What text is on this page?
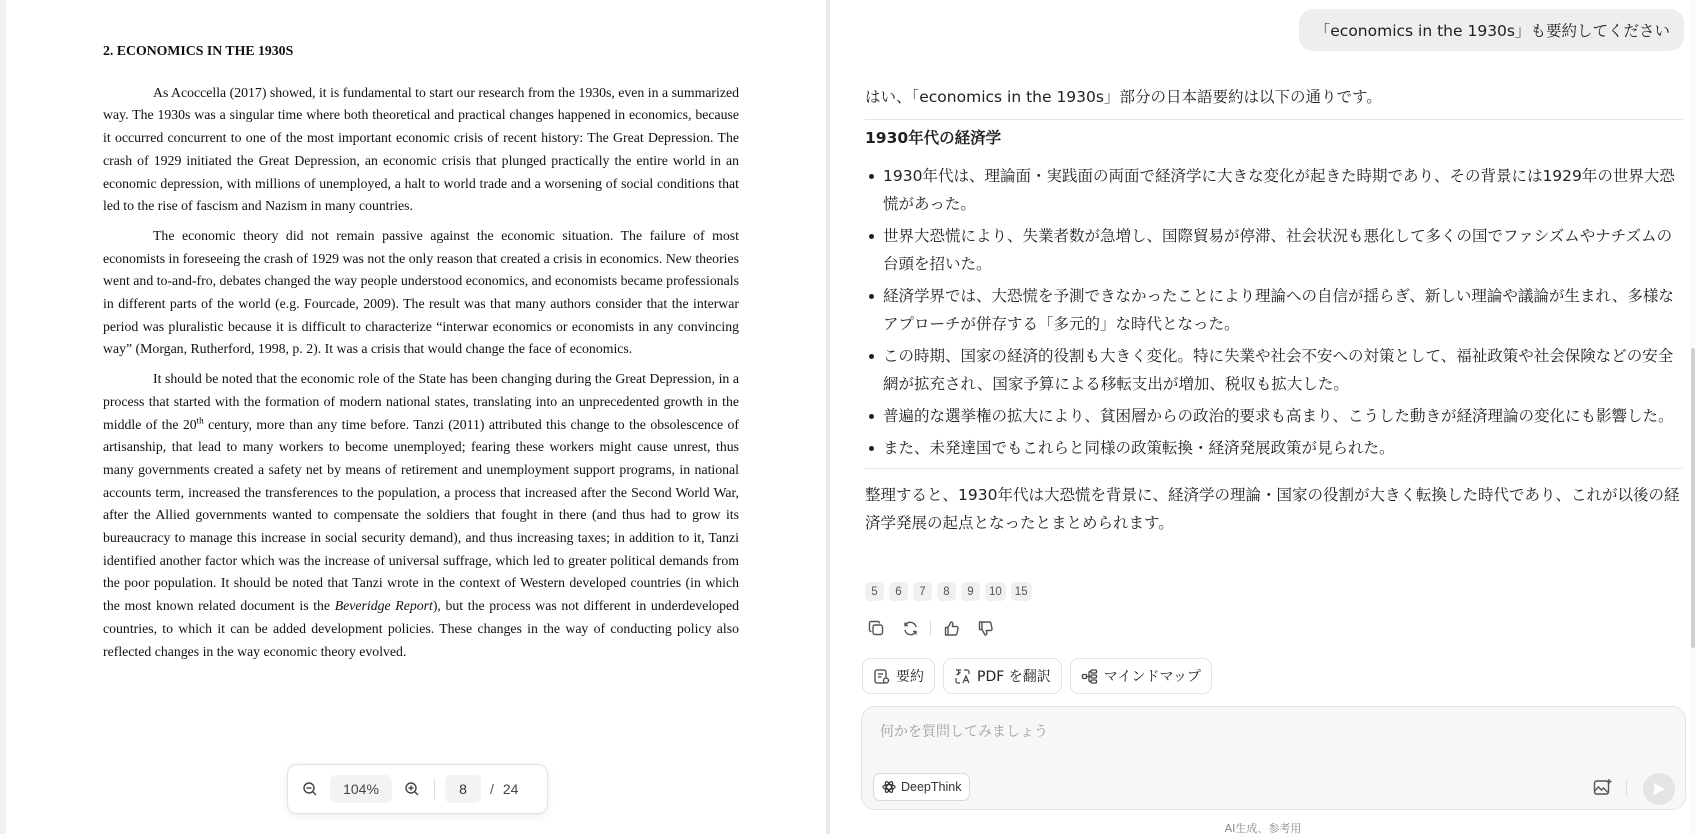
2. ECONOMICS IN THE 1930S

As Acoccella (2017) showed, it is fundamental to start our research from the 1930s, even in a summarized way. The 1930s was a singular time where both theoretical and practical changes happened in economics, because it occurred concurrent to one of the most important economic crisis of recent history: The Great Depression. The crash of 1929 initiated the Great Depression, an economic crisis that plunged practically the entire world in an economic depression, with millions of unemployed, a halt to world trade and a worsening of social conditions that led to the rise of fascism and Nazism in many countries.

The economic theory did not remain passive against the economic situation. The failure of most economists in foreseeing the crash of 1929 was not the only reason that created a crisis in economics. New theories went and to-and-fro, debates changed the way people understood economics, and economists became professionals in different parts of the world (e.g. Fourcade, 2009). The result was that many authors consider that the interwar period was pluralistic because it is difficult to characterize “interwar economics or economists in any convincing way” (Morgan, Rutherford, 1998, p. 2). It was a crisis that would change the face of economics.

It should be noted that the economic role of the State has been changing during the Great Depression, in a process that started with the formation of modern national states, translating into an unprecedented growth in the middle of the 20th century, more than any time before. Tanzi (2011) attributed this change to the obsolescence of artisanship, that lead to many workers to become unemployed; fearing these workers might cause unrest, thus many governments created a safety net by means of retirement and unemployment support programs, in national accounts term, increased the transferences to the population, a process that increased after the Second World War, after the Allied governments wanted to compensate the soldiers that fought in there (and thus had to grow its bureaucracy to manage this increase in social security demand), and thus increasing taxes; in addition to it, Tanzi identified another factor which was the increase of universal suffrage, which led to greater political demands from the poor population. It should be noted that Tanzi wrote in the context of Western developed countries (in which the most known related document is the Beveridge Report), but the process was not different in underdeveloped countries, to which it can be added development policies. These changes in the way of conducting policy also reflected changes in the way economic theory evolved.

104%	8	/ 24
「economics in the 1930s」も要約してください

はい、「economics in the 1930s」部分の日本語要約は以下の通りです。

1930年代の経済学
1930年代は、理論面・実践面の両面で経済学に大きな変化が起きた時期であり、その背景には1929年の世界大恐慌があった。
世界大恐慌により、失業者数が急増し、国際貿易が停滞、社会状況も悪化して多くの国でファシズムやナチズムの台頭を招いた。
経済学界では、大恐慌を予測できなかったことにより理論への自信が揺らぎ、新しい理論や議論が生まれ、多様なアプローチが併存する「多元的」な時代となった。
この時期、国家の経済的役割も大きく変化。特に失業や社会不安への対策として、福祉政策や社会保険などの安全網が拡充され、国家予算による移転支出が増加、税収も拡大した。
普遍的な選挙権の拡大により、貧困層からの政治的要求も高まり、こうした動きが経済理論の変化にも影響した。
また、未発達国でもこれらと同様の政策転換・経済発展政策が見られた。

整理すると、1930年代は大恐慌を背景に、経済学の理論・国家の役割が大きく転換した時代であり、これが以後の経済学発展の起点となったとまとめられます。

5	6	7	8	9	10	15
要約	PDF を翻訳	マインドマップ
何かを質問してみましょう
DeepThink
AI生成、参考用
